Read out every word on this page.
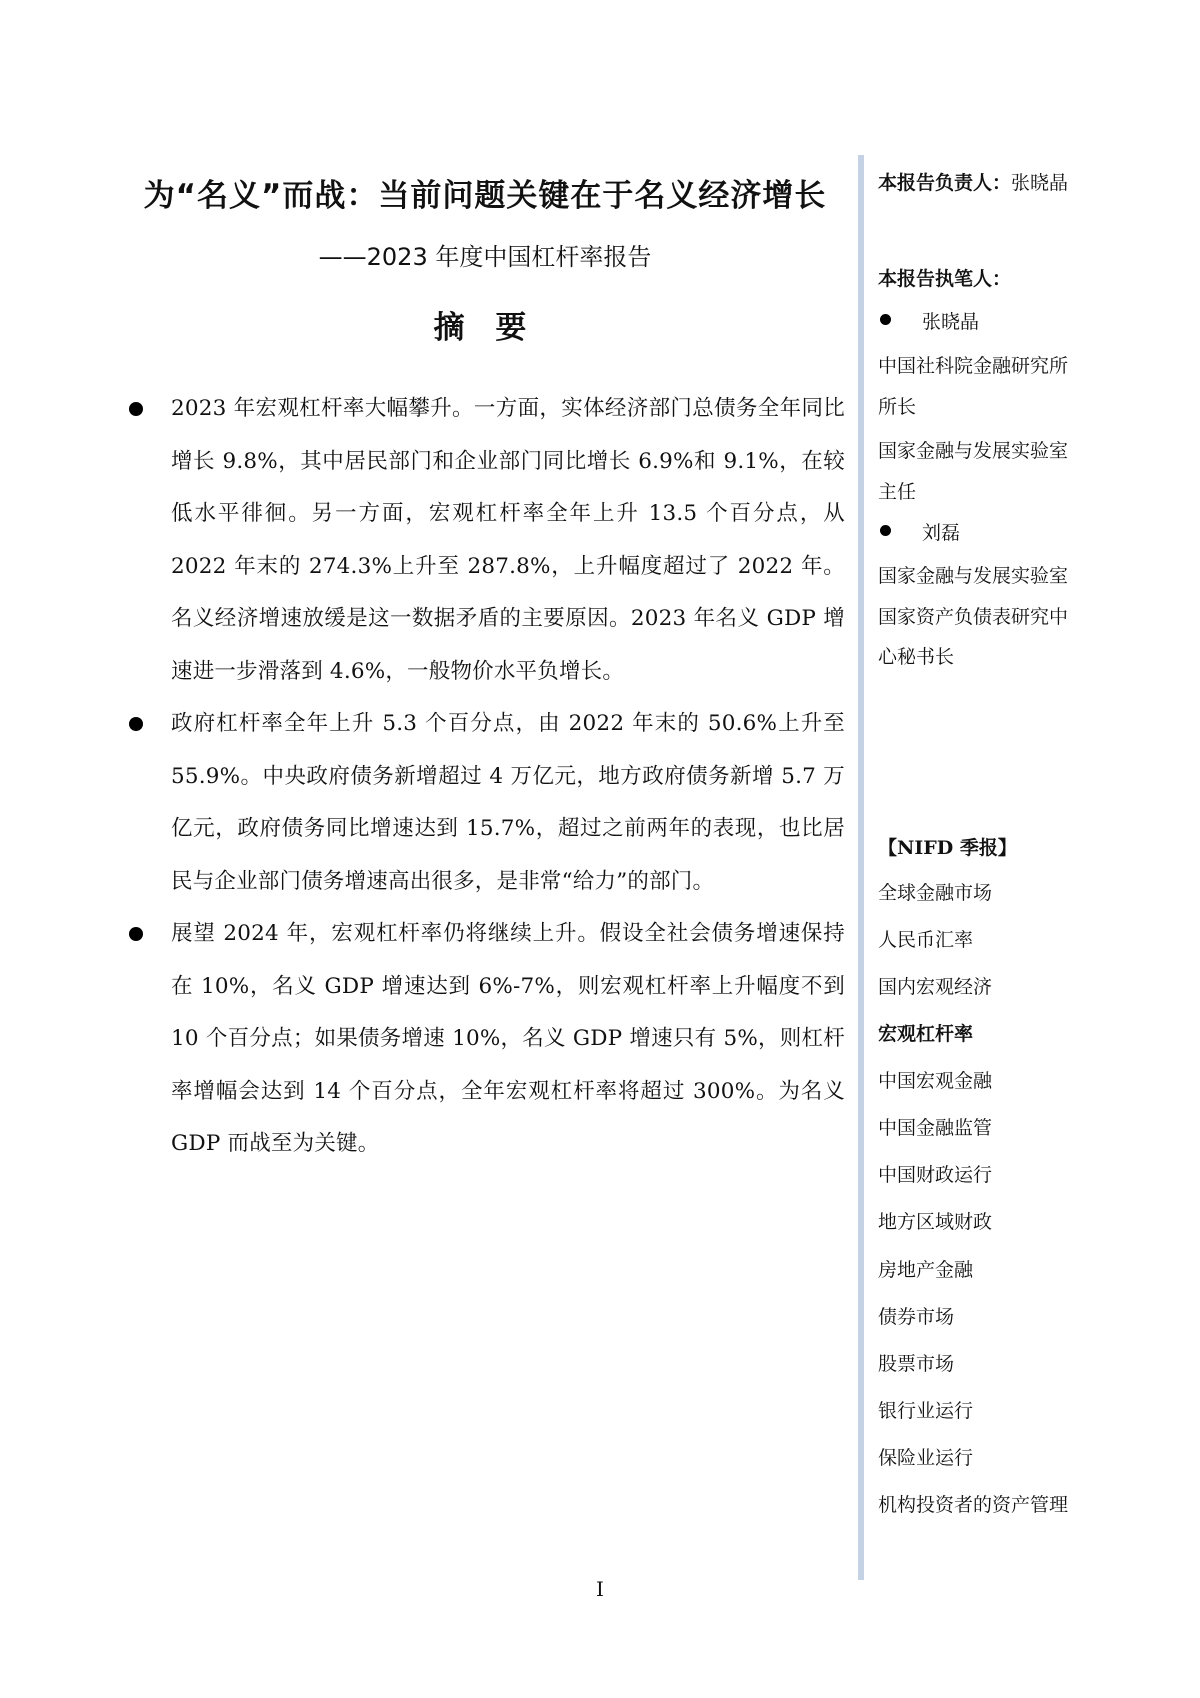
为“名义”而战：当前问题关键在于名义经济增长
——2023 年度中国杠杆率报告
摘 要
2023 年宏观杠杆率大幅攀升。一方面，实体经济部门总债务全年同比增长 9.8%，其中居民部门和企业部门同比增长 6.9%和 9.1%，在较低水平徘徊。另一方面，宏观杠杆率全年上升 13.5 个百分点，从 2022 年末的 274.3%上升至 287.8%，上升幅度超过了 2022 年。名义经济增速放缓是这一数据矛盾的主要原因。2023 年名义 GDP 增速进一步滑落到 4.6%，一般物价水平负增长。
政府杠杆率全年上升 5.3 个百分点，由 2022 年末的 50.6%上升至 55.9%。中央政府债务新增超过 4 万亿元，地方政府债务新增 5.7 万亿元，政府债务同比增速达到 15.7%，超过之前两年的表现，也比居民与企业部门债务增速高出很多，是非常“给力”的部门。
展望 2024 年，宏观杠杆率仍将继续上升。假设全社会债务增速保持在 10%，名义 GDP 增速达到 6%-7%，则宏观杠杆率上升幅度不到 10 个百分点；如果债务增速 10%，名义 GDP 增速只有 5%，则杠杆率增幅会达到 14 个百分点，全年宏观杠杆率将超过 300%。为名义 GDP 而战至为关键。
本报告负责人：张晓晶
本报告执笔人：
张晓晶
中国社科院金融研究所
所长
国家金融与发展实验室
主任
刘磊
国家金融与发展实验室
国家资产负债表研究中
心秘书长
【NIFD 季报】
全球金融市场
人民币汇率
国内宏观经济
宏观杠杆率
中国宏观金融
中国金融监管
中国财政运行
地方区域财政
房地产金融
债券市场
股票市场
银行业运行
保险业运行
机构投资者的资产管理
I
